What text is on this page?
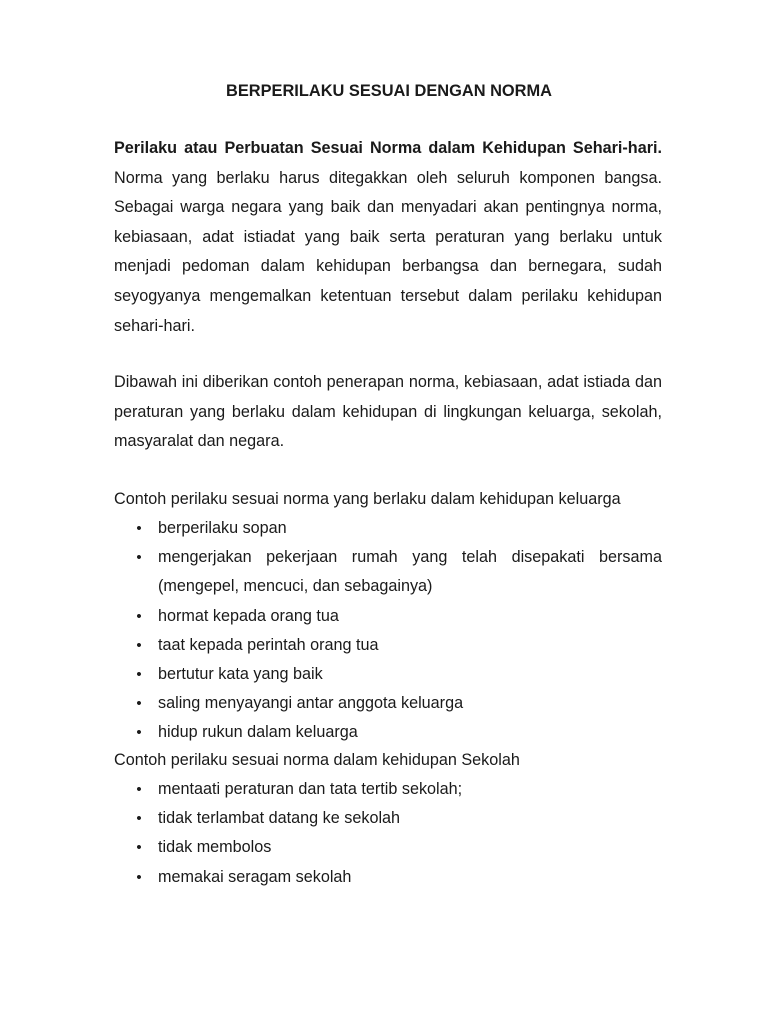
BERPERILAKU SESUAI DENGAN NORMA

Perilaku atau Perbuatan Sesuai Norma dalam Kehidupan Sehari-hari. Norma yang berlaku harus ditegakkan oleh seluruh komponen bangsa. Sebagai warga negara yang baik dan menyadari akan pentingnya norma, kebiasaan, adat istiadat yang baik serta peraturan yang berlaku untuk menjadi pedoman dalam kehidupan berbangsa dan bernegara, sudah seyogyanya mengemalkan ketentuan tersebut dalam perilaku kehidupan sehari-hari.

Dibawah ini diberikan contoh penerapan norma, kebiasaan, adat istiada dan peraturan yang berlaku dalam kehidupan di lingkungan keluarga, sekolah, masyaralat dan negara.

Contoh perilaku sesuai norma yang berlaku dalam kehidupan keluarga
• berperilaku sopan
• mengerjakan pekerjaan rumah yang telah disepakati bersama (mengepel, mencuci, dan sebagainya)
• hormat kepada orang tua
• taat kepada perintah orang tua
• bertutur kata yang baik
• saling menyayangi antar anggota keluarga
• hidup rukun dalam keluarga
Contoh perilaku sesuai norma dalam kehidupan Sekolah
• mentaati peraturan dan tata tertib sekolah;
• tidak terlambat datang ke sekolah
• tidak membolos
• memakai seragam sekolah
